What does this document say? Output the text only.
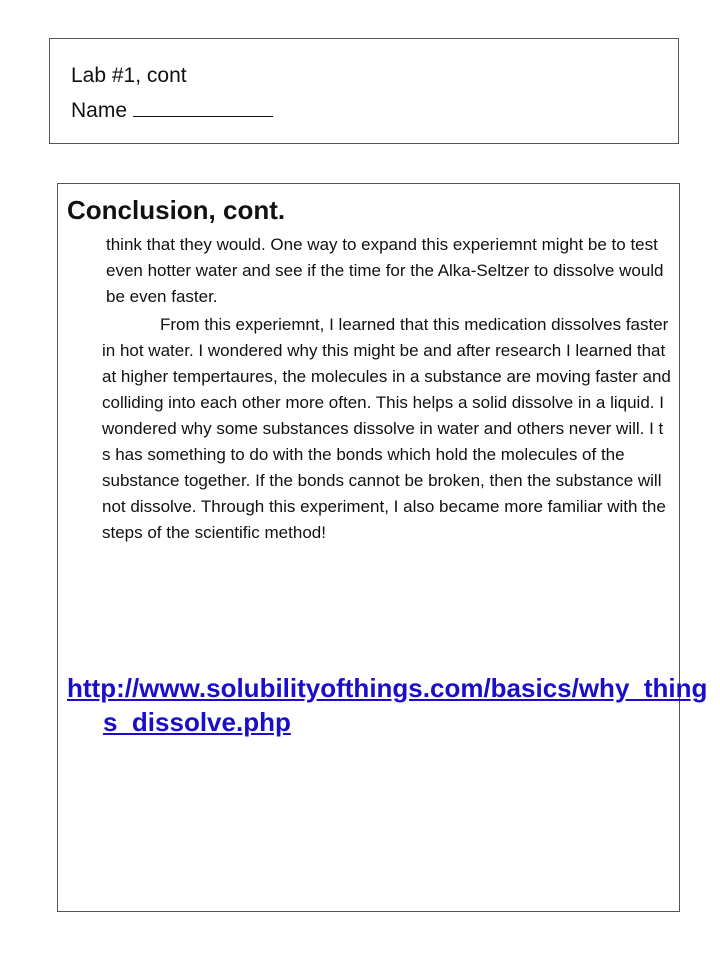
Lab #1, cont
Name
Conclusion, cont.

think that they would. One way to expand this experiemnt might be to test even hotter water and see if the time for the Alka-Seltzer to dissolve would be even faster.

From this experiemnt, I learned that this medication dissolves faster in hot water. I wondered why this might be and after research I learned that at higher tempertaures, the molecules in a substance are moving faster and colliding into each other more often. This helps a solid dissolve in a liquid. I wondered why some substances dissolve in water and others never will. I t s has something to do with the bonds which hold the molecules of the substance together. If the bonds cannot be broken, then the substance will not dissolve. Through this experiment, I also became more familiar with the steps of the scientific method!

http://www.solubilityofthings.com/basics/why_things_dissolve.php
